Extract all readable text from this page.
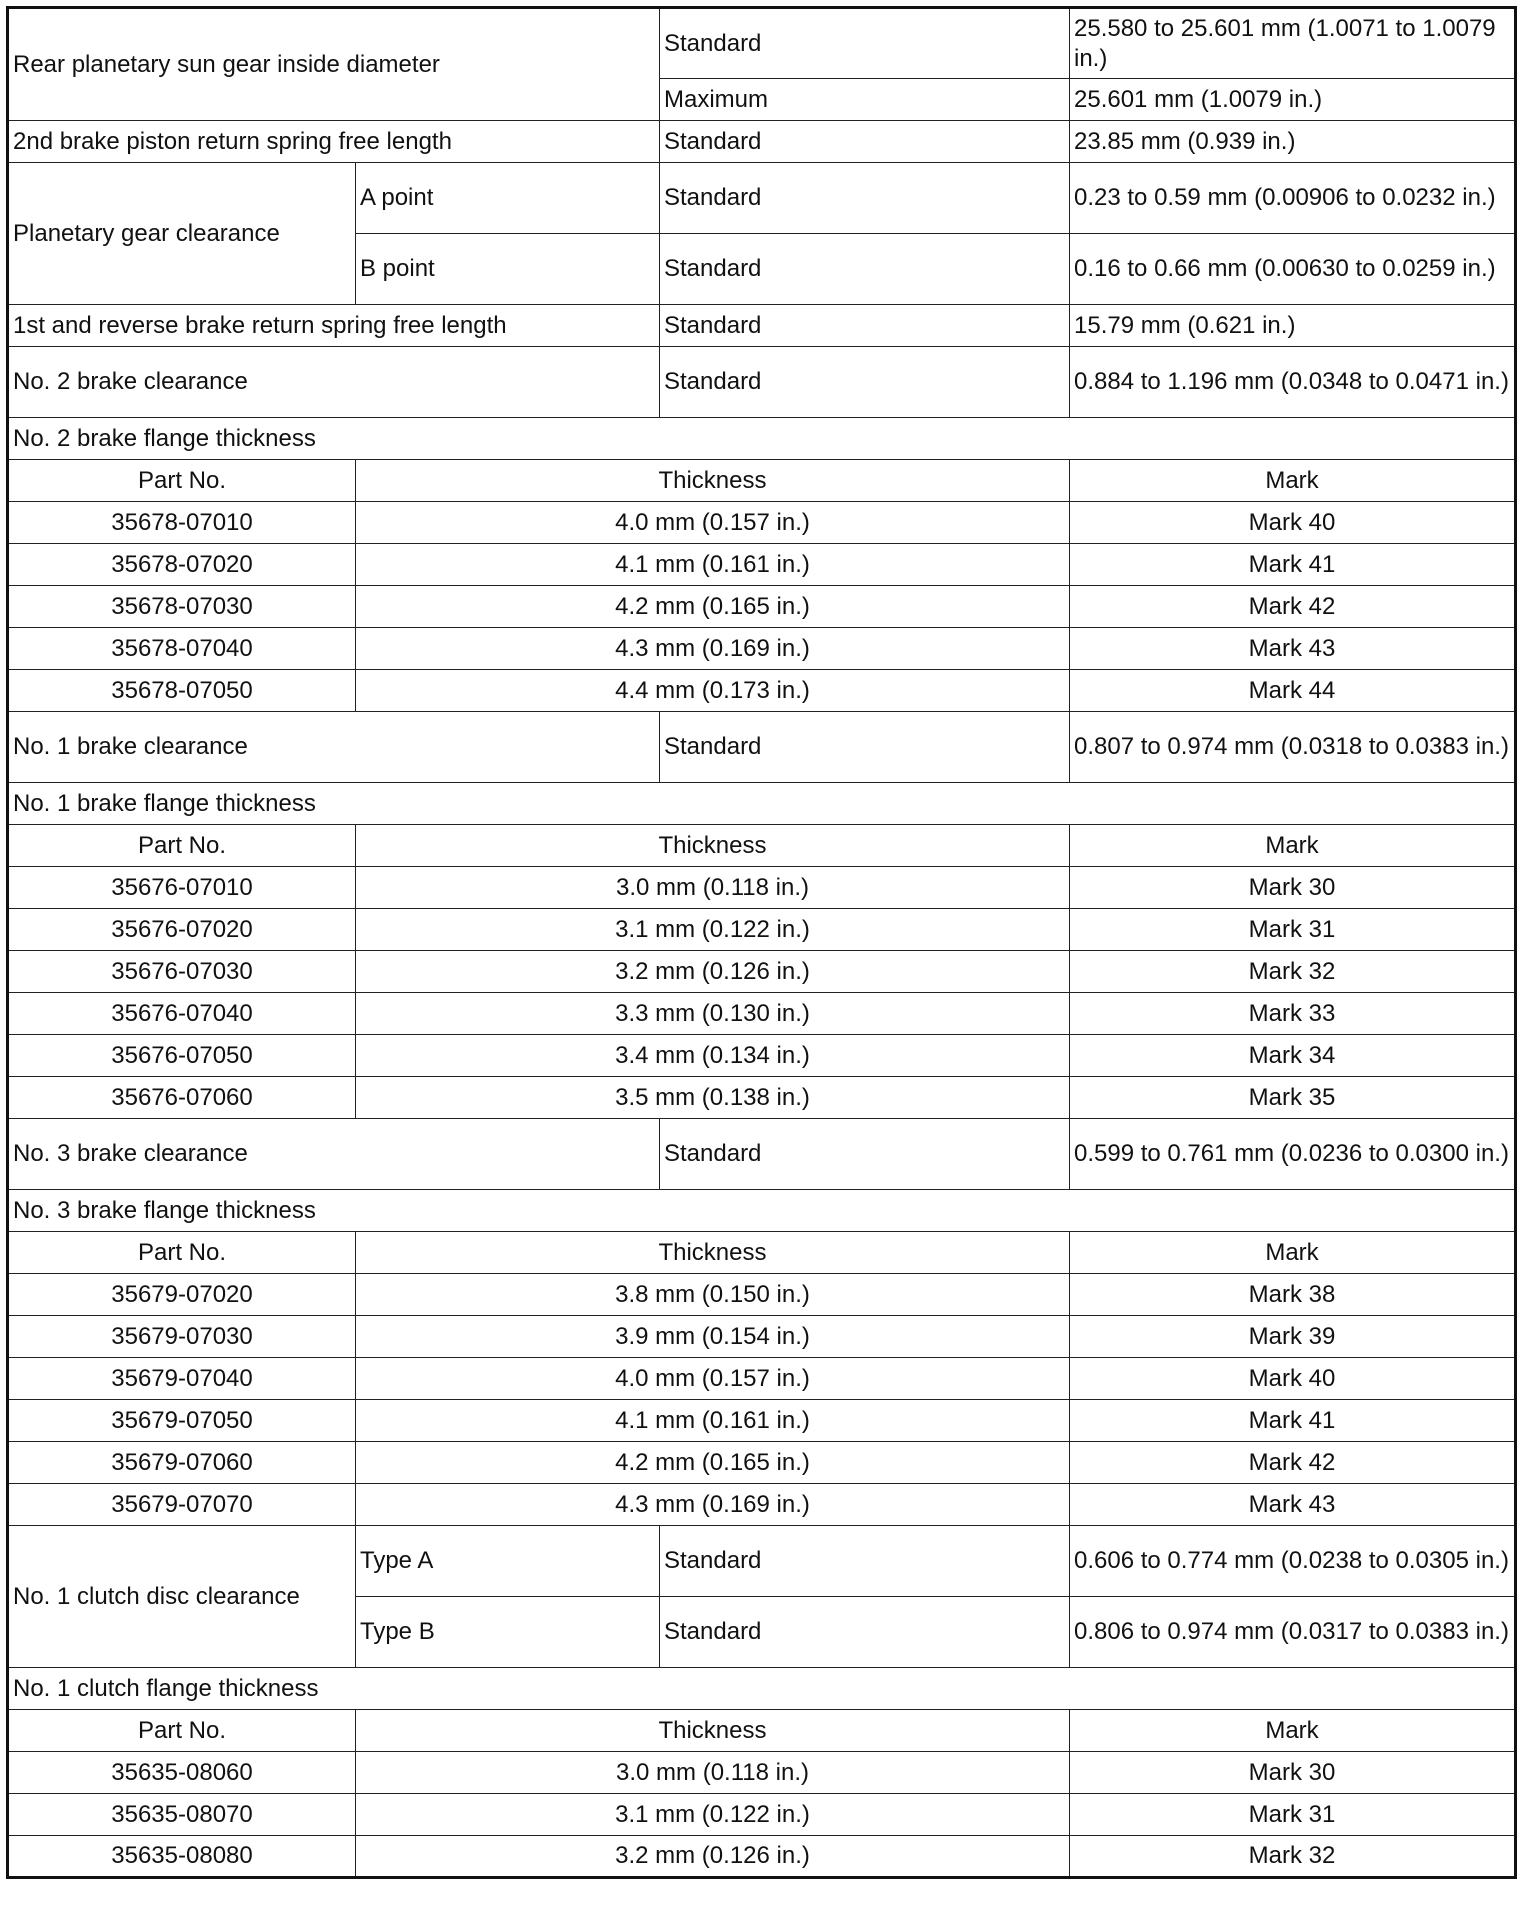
Rear planetary sun gear inside diameter		Standard	25.580 to 25.601 mm (1.0071 to 1.0079 in.)
		Maximum	25.601 mm (1.0079 in.)
2nd brake piston return spring free length		Standard	23.85 mm (0.939 in.)
Planetary gear clearance	A point	Standard	0.23 to 0.59 mm (0.00906 to 0.0232 in.)
	B point	Standard	0.16 to 0.66 mm (0.00630 to 0.0259 in.)
1st and reverse brake return spring free length		Standard	15.79 mm (0.621 in.)
No. 2 brake clearance		Standard	0.884 to 1.196 mm (0.0348 to 0.0471 in.)
No. 2 brake flange thickness			
Part No.	Thickness		Mark
35678-07010	4.0 mm (0.157 in.)		Mark 40
35678-07020	4.1 mm (0.161 in.)		Mark 41
35678-07030	4.2 mm (0.165 in.)		Mark 42
35678-07040	4.3 mm (0.169 in.)		Mark 43
35678-07050	4.4 mm (0.173 in.)		Mark 44
No. 1 brake clearance		Standard	0.807 to 0.974 mm (0.0318 to 0.0383 in.)
No. 1 brake flange thickness			
Part No.	Thickness		Mark
35676-07010	3.0 mm (0.118 in.)		Mark 30
35676-07020	3.1 mm (0.122 in.)		Mark 31
35676-07030	3.2 mm (0.126 in.)		Mark 32
35676-07040	3.3 mm (0.130 in.)		Mark 33
35676-07050	3.4 mm (0.134 in.)		Mark 34
35676-07060	3.5 mm (0.138 in.)		Mark 35
No. 3 brake clearance		Standard	0.599 to 0.761 mm (0.0236 to 0.0300 in.)
No. 3 brake flange thickness			
Part No.	Thickness		Mark
35679-07020	3.8 mm (0.150 in.)		Mark 38
35679-07030	3.9 mm (0.154 in.)		Mark 39
35679-07040	4.0 mm (0.157 in.)		Mark 40
35679-07050	4.1 mm (0.161 in.)		Mark 41
35679-07060	4.2 mm (0.165 in.)		Mark 42
35679-07070	4.3 mm (0.169 in.)		Mark 43
No. 1 clutch disc clearance	Type A	Standard	0.606 to 0.774 mm (0.0238 to 0.0305 in.)
	Type B	Standard	0.806 to 0.974 mm (0.0317 to 0.0383 in.)
No. 1 clutch flange thickness			
Part No.	Thickness		Mark
35635-08060	3.0 mm (0.118 in.)		Mark 30
35635-08070	3.1 mm (0.122 in.)		Mark 31
35635-08080	3.2 mm (0.126 in.)		Mark 32
